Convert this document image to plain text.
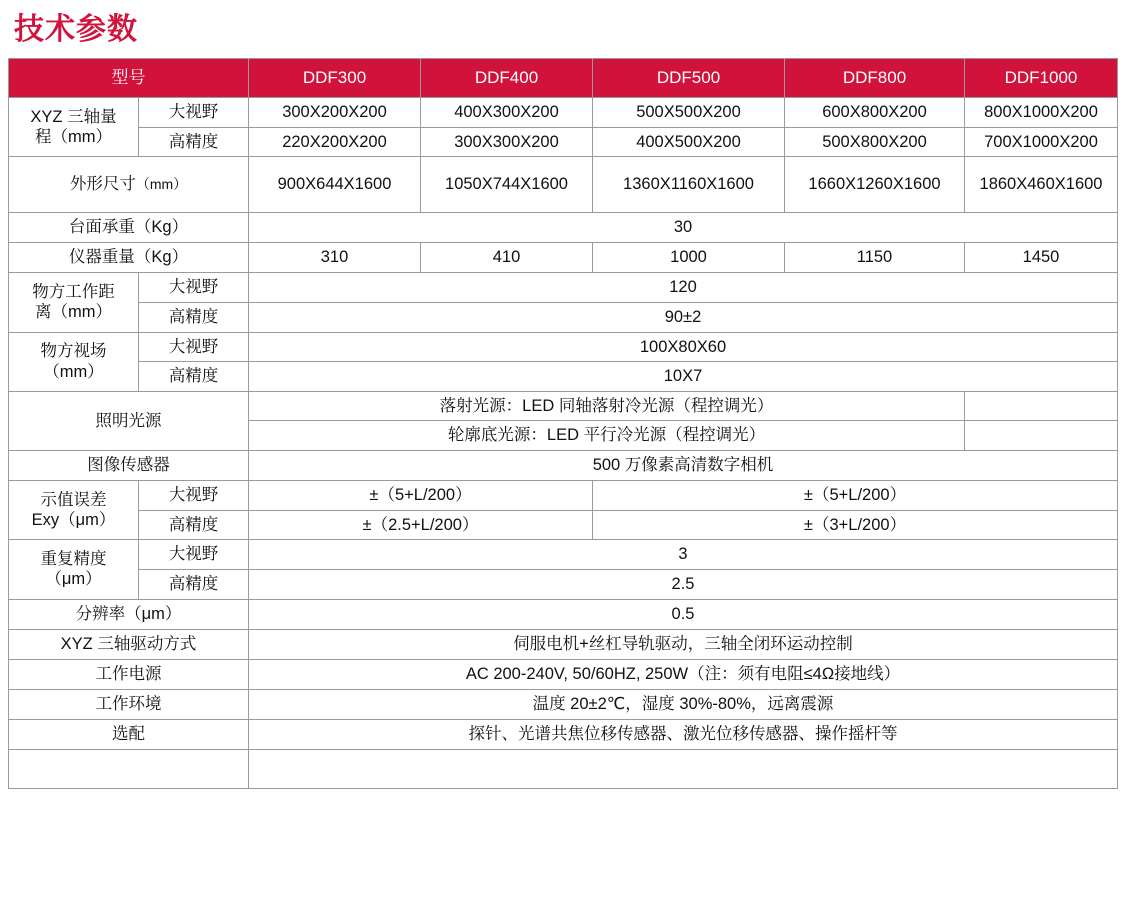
技术参数
型号		DDF300	DDF400	DDF500	DDF800	DDF1000
XYZ 三轴量
程（mm）	大视野	300X200X200	400X300X200	500X500X200	600X800X200	800X1000X200
	高精度	220X200X200	300X300X200	400X500X200	500X800X200	700X1000X200
外形尺寸（mm）		900X644X1600	1050X744X1600	1360X1160X1600	1660X1260X1600	1860X460X1600
台面承重（Kg）		30				
仪器重量（Kg）		310	410	1000	1150	1450
物方工作距
离（mm）	大视野	120				
	高精度	90±2				
物方视场
（mm）	大视野	100X80X60				
	高精度	10X7				
照明光源		落射光源：LED 同轴落射冷光源（程控调光）				
		轮廓底光源：LED 平行冷光源（程控调光）				
图像传感器		500 万像素高清数字相机				
示值误差
Exy（μm）	大视野	±（5+L/200）		±（5+L/200）		
	高精度	±（2.5+L/200）		±（3+L/200）		
重复精度
（μm）	大视野	3				
	高精度	2.5				
分辨率（μm）		0.5				
XYZ 三轴驱动方式		伺服电机+丝杠导轨驱动，三轴全闭环运动控制				
工作电源		AC 200-240V, 50/60HZ, 250W（注：须有电阻≤4Ω接地线）				
工作环境		温度 20±2℃，湿度 30%-80%，远离震源				
选配		探针、光谱共焦位移传感器、激光位移传感器、操作摇杆等				
